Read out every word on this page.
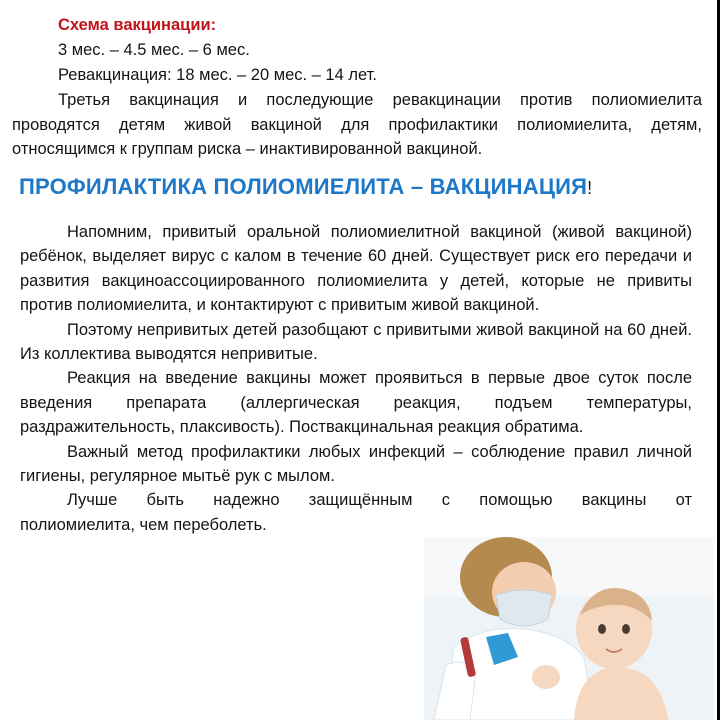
Схема вакцинации:
3 мес. – 4.5 мес. – 6 мес.
Ревакцинация: 18 мес. – 20 мес. – 14 лет.
Третья вакцинация и последующие ревакцинации против полиомиелита проводятся детям живой вакциной для профилактики полиомиелита, детям, относящимся к группам риска – инактивированной вакциной.
ПРОФИЛАКТИКА ПОЛИОМИЕЛИТА – ВАКЦИНАЦИЯ!

Напомним, привитый оральной полиомиелитной вакциной (живой вакциной) ребёнок, выделяет вирус с калом в течение 60 дней. Существует риск его передачи и развития вакциноассоциированного полиомиелита у детей, которые не привиты против полиомиелита, и контактируют с привитым живой вакциной.

Поэтому непривитых детей разобщают с привитыми живой вакциной на 60 дней. Из коллектива выводятся непривитые.

Реакция на введение вакцины может проявиться в первые двое суток после введения препарата (аллергическая реакция, подъем температуры, раздражительность, плаксивость). Поствакцинальная реакция обратима.

Важный метод профилактики любых инфекций – соблюдение правил личной гигиены, регулярное мытьё рук с мылом.

Лучше быть надежно защищённым с помощью вакцины от

полиомиелита, чем переболеть.
